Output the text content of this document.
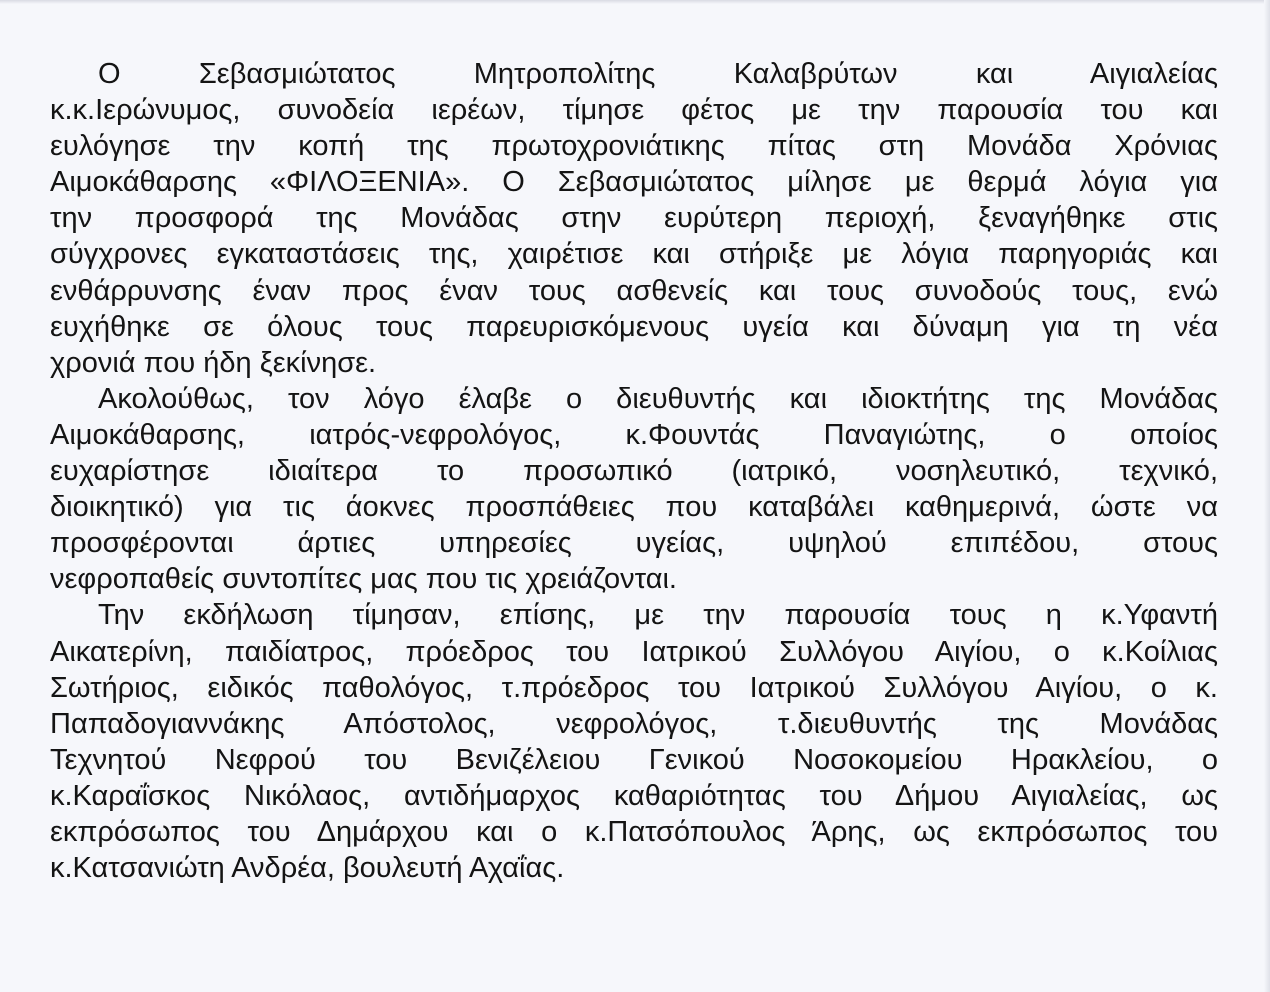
Ο Σεβασμιώτατος Μητροπολίτης Καλαβρύτων και Αιγιαλείας
κ.κ.Ιερώνυμος, συνοδεία ιερέων, τίμησε φέτος με την παρουσία του και
ευλόγησε την κοπή της πρωτοχρονιάτικης πίτας στη Μονάδα Χρόνιας
Αιμοκάθαρσης «ΦΙΛΟΞΕΝΙΑ». Ο Σεβασμιώτατος μίλησε με θερμά λόγια για
την προσφορά της Μονάδας στην ευρύτερη περιοχή, ξεναγήθηκε στις
σύγχρονες εγκαταστάσεις της, χαιρέτισε και στήριξε με λόγια παρηγοριάς και
ενθάρρυνσης έναν προς έναν τους ασθενείς και τους συνοδούς τους, ενώ
ευχήθηκε σε όλους τους παρευρισκόμενους υγεία και δύναμη για τη νέα
χρονιά που ήδη ξεκίνησε.
Ακολούθως, τον λόγο έλαβε ο διευθυντής και ιδιοκτήτης της Μονάδας
Αιμοκάθαρσης, ιατρός-νεφρολόγος, κ.Φουντάς Παναγιώτης, ο οποίος
ευχαρίστησε ιδιαίτερα το προσωπικό (ιατρικό, νοσηλευτικό, τεχνικό,
διοικητικό) για τις άοκνες προσπάθειες που καταβάλει καθημερινά, ώστε να
προσφέρονται άρτιες υπηρεσίες υγείας, υψηλού επιπέδου, στους
νεφροπαθείς συντοπίτες μας που τις χρειάζονται.
Την εκδήλωση τίμησαν, επίσης, με την παρουσία τους η κ.Υφαντή
Αικατερίνη, παιδίατρος, πρόεδρος του Ιατρικού Συλλόγου Αιγίου, ο κ.Κοίλιας
Σωτήριος, ειδικός παθολόγος, τ.πρόεδρος του Ιατρικού Συλλόγου Αιγίου, ο κ.
Παπαδογιαννάκης Απόστολος, νεφρολόγος, τ.διευθυντής της Μονάδας
Τεχνητού Νεφρού του Βενιζέλειου Γενικού Νοσοκομείου Ηρακλείου, ο
κ.Καραΐσκος Νικόλαος, αντιδήμαρχος καθαριότητας του Δήμου Αιγιαλείας, ως
εκπρόσωπος του Δημάρχου και ο κ.Πατσόπουλος Άρης, ως εκπρόσωπος του
κ.Κατσανιώτη Ανδρέα, βουλευτή Αχαΐας.
